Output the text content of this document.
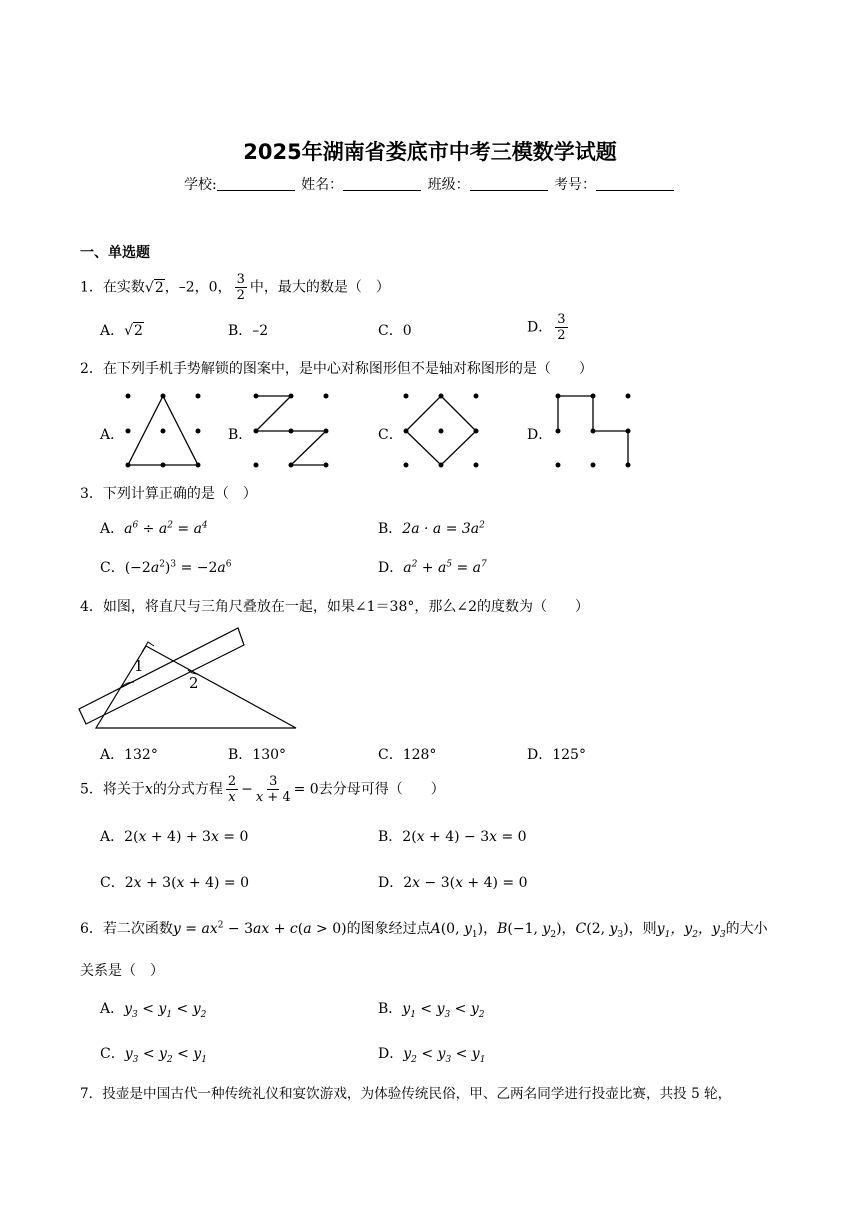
2025年湖南省娄底市中考三模数学试题
学校:	姓名：	班级：	考号：
一、单选题
1．在实数√2，–2，0， $\frac{3}{2}$ 中，最大的数是（　）
A．√2	B．–2	C．0	D． $\frac{3}{2}$
2．在下列手机手势解锁的图案中，是中心对称图形但不是轴对称图形的是（　　）
A．	B．	C．	D．
3．下列计算正确的是（　）
A．$a^6 \div a^2 = a^4$	B．$2a \cdot a = 3a^2$
C．$(-2a^2)^3 = -2a^6$	D．$a^2 + a^5 = a^7$
4．如图，将直尺与三角尺叠放在一起，如果∠1＝38°，那么∠2的度数为（　　）
1
2
A．132°	B．130°	C．128°	D．125°
5．将关于x的分式方程 $\frac{2}{x} - \frac{3}{x + 4} = 0$去分母可得（　　）
A．2(x + 4) + 3x = 0	B．2(x + 4) − 3x = 0
C．2x + 3(x + 4) = 0	D．2x − 3(x + 4) = 0
6．若二次函数$y = ax^2 - 3ax + c(a > 0)$的图象经过点A(0, $y_1$)，B(−1, $y_2$)，C(2, $y_3$)，则$y_1$，$y_2$，$y_3$的大小
关系是（　）
A．$y_3 < y_1 < y_2$	B．$y_1 < y_3 < y_2$
C．$y_3 < y_2 < y_1$	D．$y_2 < y_3 < y_1$
7．投壶是中国古代一种传统礼仪和宴饮游戏，为体验传统民俗，甲、乙两名同学进行投壶比赛，共投 5 轮，
